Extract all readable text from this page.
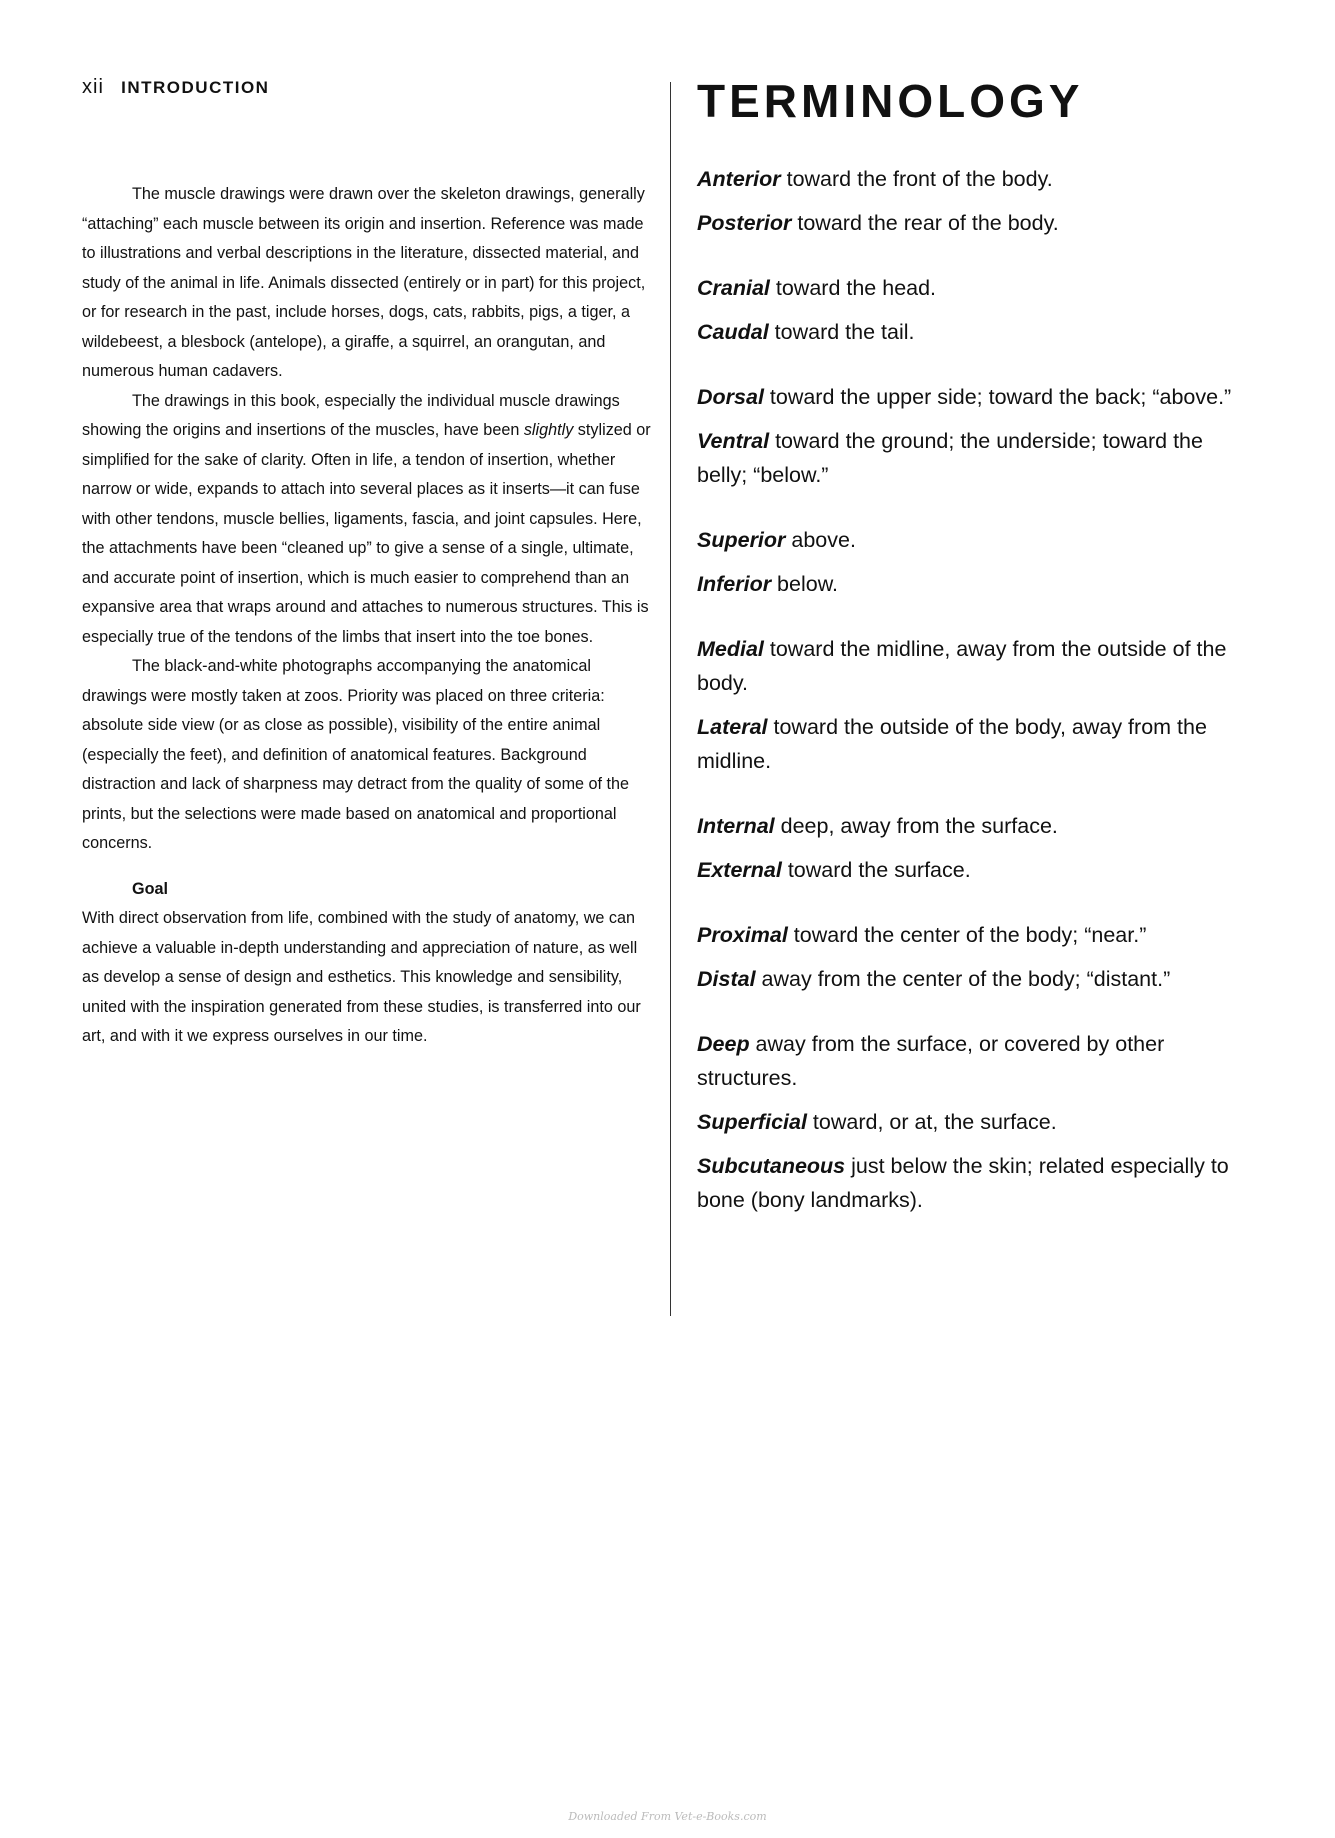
xii INTRODUCTION

The muscle drawings were drawn over the skeleton drawings, generally “attaching” each muscle between its origin and insertion. Reference was made to illustrations and verbal descriptions in the literature, dissected material, and study of the animal in life. Animals dissected (entirely or in part) for this project, or for research in the past, include horses, dogs, cats, rabbits, pigs, a tiger, a wildebeest, a blesbock (antelope), a giraffe, a squirrel, an orangutan, and numerous human cadavers.

The drawings in this book, especially the individual muscle drawings showing the origins and insertions of the muscles, have been slightly stylized or simplified for the sake of clarity. Often in life, a tendon of insertion, whether narrow or wide, expands to attach into several places as it inserts—it can fuse with other tendons, muscle bellies, ligaments, fascia, and joint capsules. Here, the attachments have been “cleaned up” to give a sense of a single, ultimate, and accurate point of insertion, which is much easier to comprehend than an expansive area that wraps around and attaches to numerous structures. This is especially true of the tendons of the limbs that insert into the toe bones.

The black-and-white photographs accompanying the anatomical drawings were mostly taken at zoos. Priority was placed on three criteria: absolute side view (or as close as possible), visibility of the entire animal (especially the feet), and definition of anatomical features. Background distraction and lack of sharpness may detract from the quality of some of the prints, but the selections were made based on anatomical and proportional concerns.

Goal

With direct observation from life, combined with the study of anatomy, we can achieve a valuable in-depth understanding and appreciation of nature, as well as develop a sense of design and esthetics. This knowledge and sensibility, united with the inspiration generated from these studies, is transferred into our art, and with it we express ourselves in our time.

TERMINOLOGY

Anterior toward the front of the body.

Posterior toward the rear of the body.

Cranial toward the head.

Caudal toward the tail.

Dorsal toward the upper side; toward the back; “above.”

Ventral toward the ground; the underside; toward the belly; “below.”

Superior above.

Inferior below.

Medial toward the midline, away from the outside of the body.

Lateral toward the outside of the body, away from the midline.

Internal deep, away from the surface.

External toward the surface.

Proximal toward the center of the body; “near.”

Distal away from the center of the body; “distant.”

Deep away from the surface, or covered by other structures.

Superficial toward, or at, the surface.

Subcutaneous just below the skin; related especially to bone (bony landmarks).

Downloaded From Vet-e-Books.com
